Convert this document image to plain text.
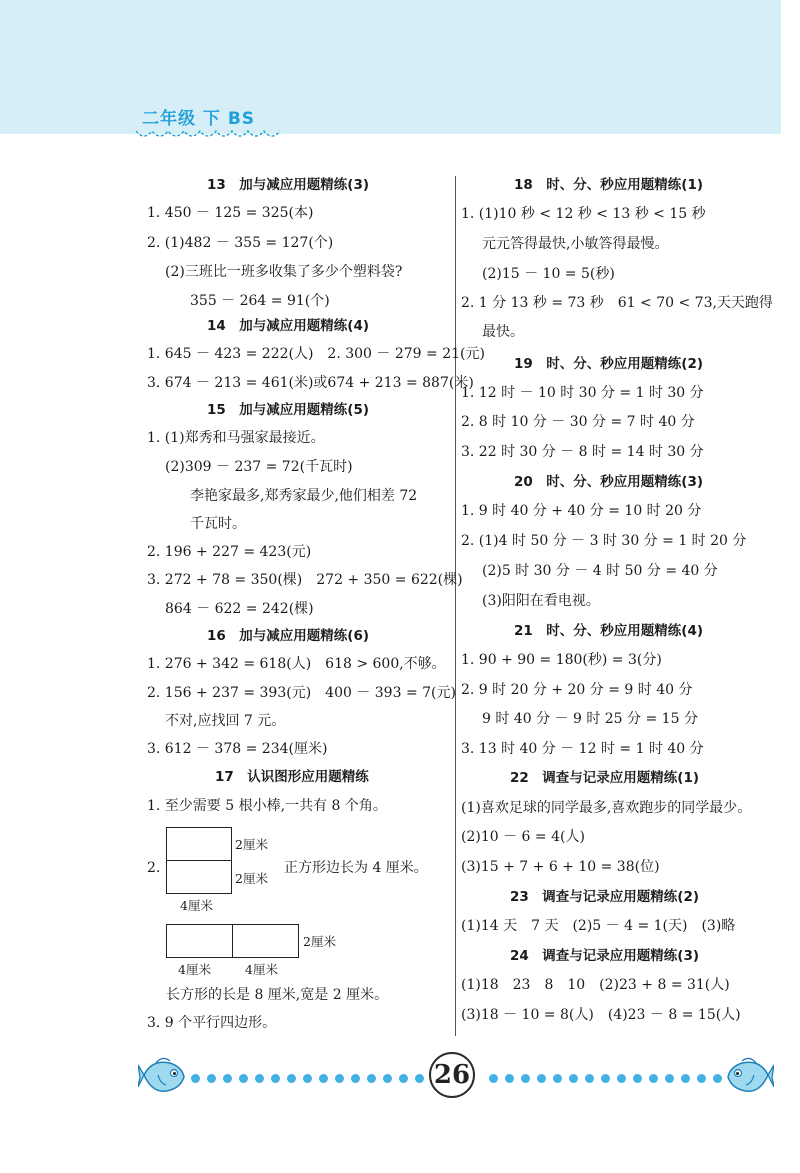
二年级 下 BS
13　加与减应用题精练(3)
1. 450 － 125 = 325(本)
2. (1)482 － 355 = 127(个)
(2)三班比一班多收集了多少个塑料袋?
355 － 264 = 91(个)
14　加与减应用题精练(4)
1. 645 － 423 = 222(人)　2. 300 － 279 = 21(元)
3. 674 － 213 = 461(米)或674 + 213 = 887(米)
15　加与减应用题精练(5)
1. (1)郑秀和马强家最接近。
(2)309 － 237 = 72(千瓦时)
李艳家最多,郑秀家最少,他们相差 72
千瓦时。
2. 196 + 227 = 423(元)
3. 272 + 78 = 350(棵)　272 + 350 = 622(棵)
864 － 622 = 242(棵)
16　加与减应用题精练(6)
1. 276 + 342 = 618(人)　618 > 600,不够。
2. 156 + 237 = 393(元)　400 － 393 = 7(元)
不对,应找回 7 元。
3. 612 － 378 = 234(厘米)
17　认识图形应用题精练
1. 至少需要 5 根小棒,一共有 8 个角。
2.
2厘米
2厘米
正方形边长为 4 厘米。
4厘米
2厘米
4厘米	4厘米
长方形的长是 8 厘米,宽是 2 厘米。
3. 9 个平行四边形。
18　时、分、秒应用题精练(1)
1. (1)10 秒 < 12 秒 < 13 秒 < 15 秒
元元答得最快,小敏答得最慢。
(2)15 － 10 = 5(秒)
2. 1 分 13 秒 = 73 秒　61 < 70 < 73,天天跑得
最快。
19　时、分、秒应用题精练(2)
1. 12 时 － 10 时 30 分 = 1 时 30 分
2. 8 时 10 分 － 30 分 = 7 时 40 分
3. 22 时 30 分 － 8 时 = 14 时 30 分
20　时、分、秒应用题精练(3)
1. 9 时 40 分 + 40 分 = 10 时 20 分
2. (1)4 时 50 分 － 3 时 30 分 = 1 时 20 分
(2)5 时 30 分 － 4 时 50 分 = 40 分
(3)阳阳在看电视。
21　时、分、秒应用题精练(4)
1. 90 + 90 = 180(秒) = 3(分)
2. 9 时 20 分 + 20 分 = 9 时 40 分
9 时 40 分 － 9 时 25 分 = 15 分
3. 13 时 40 分 － 12 时 = 1 时 40 分
22　调查与记录应用题精练(1)
(1)喜欢足球的同学最多,喜欢跑步的同学最少。
(2)10 － 6 = 4(人)
(3)15 + 7 + 6 + 10 = 38(位)
23　调查与记录应用题精练(2)
(1)14 天　7 天　(2)5 － 4 = 1(天)　(3)略
24　调查与记录应用题精练(3)
(1)18　23　8　10　(2)23 + 8 = 31(人)
(3)18 － 10 = 8(人)　(4)23 － 8 = 15(人)
26
